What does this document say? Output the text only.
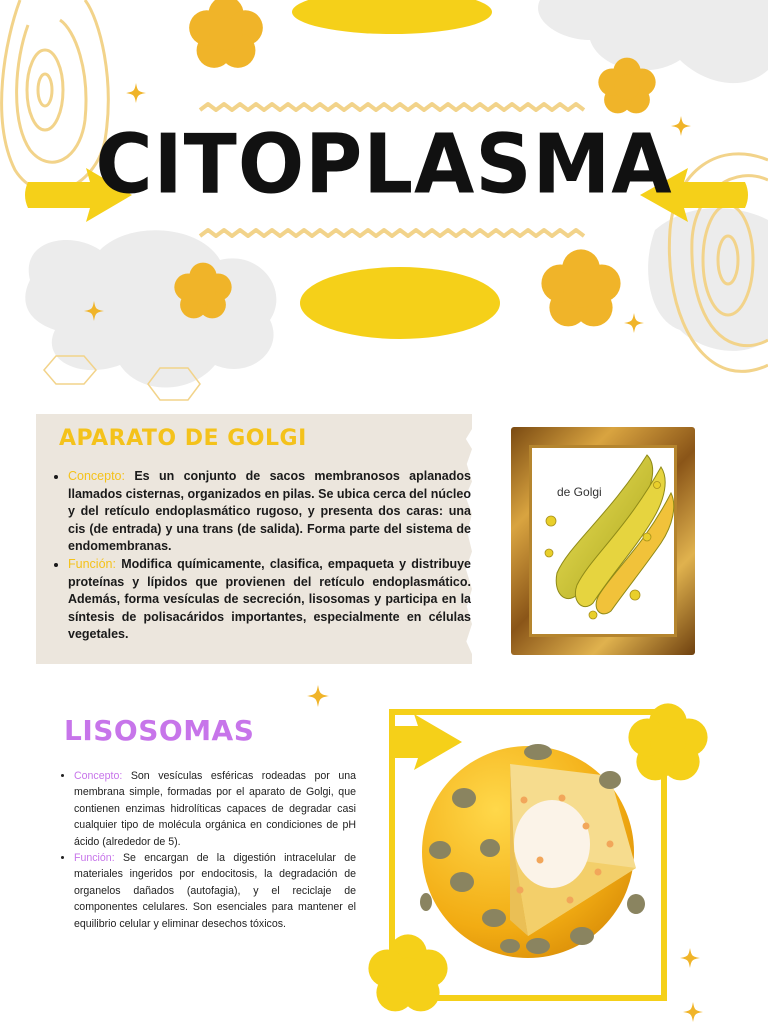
CITOPLASMA
APARATO DE GOLGI
• Concepto: Es un conjunto de sacos membranosos aplanados llamados cisternas, organizados en pilas. Se ubica cerca del núcleo y del retículo endoplasmático rugoso, y presenta dos caras: una cis (de entrada) y una trans (de salida). Forma parte del sistema de endomembranas.
• Función: Modifica químicamente, clasifica, empaqueta y distribuye proteínas y lípidos que provienen del retículo endoplasmático. Además, forma vesículas de secreción, lisosomas y participa en la síntesis de polisacáridos importantes, especialmente en células vegetales.
de Golgi
LISOSOMAS
• Concepto: Son vesículas esféricas rodeadas por una membrana simple, formadas por el aparato de Golgi, que contienen enzimas hidrolíticas capaces de degradar casi cualquier tipo de molécula orgánica en condiciones de pH ácido (alrededor de 5).
• Función: Se encargan de la digestión intracelular de materiales ingeridos por endocitosis, la degradación de organelos dañados (autofagia), y el reciclaje de componentes celulares. Son esenciales para mantener el equilibrio celular y eliminar desechos tóxicos.
